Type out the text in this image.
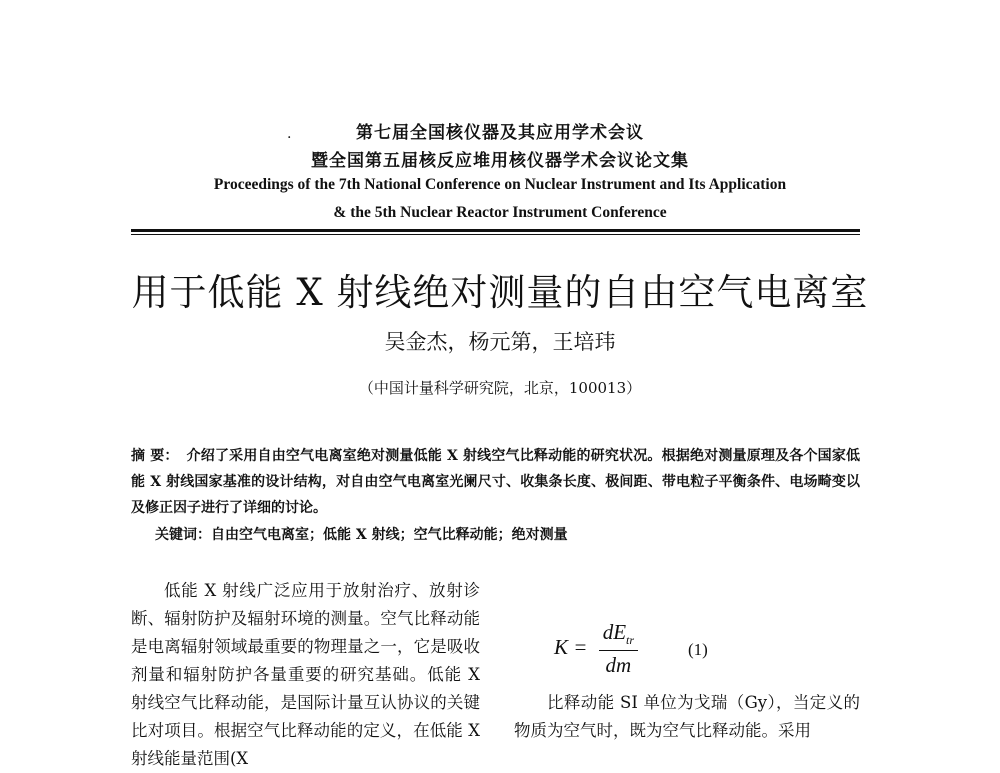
.	第七届全国核仪器及其应用学术会议
暨全国第五届核反应堆用核仪器学术会议论文集
Proceedings of the 7th National Conference on Nuclear Instrument and Its Application
& the 5th Nuclear Reactor Instrument Conference
用于低能 X 射线绝对测量的自由空气电离室
吴金杰，杨元第，王培玮
（中国计量科学研究院，北京，100013）
摘 要： 介绍了采用自由空气电离室绝对测量低能 X 射线空气比释动能的研究状况。根据绝对测量原理及各个国家低能 X 射线国家基准的设计结构，对自由空气电离室光阑尺寸、收集条长度、极间距、带电粒子平衡条件、电场畸变以及修正因子进行了详细的讨论。
关键词：自由空气电离室；低能 X 射线；空气比释动能；绝对测量

低能 X 射线广泛应用于放射治疗、放射诊断、辐射防护及辐射环境的测量。空气比释动能是电离辐射领域最重要的物理量之一，它是吸收剂量和辐射防护各量重要的研究基础。低能 X 射线空气比释动能，是国际计量互认协议的关键比对项目。根据空气比释动能的定义，在低能 X 射线能量范围(X

$K = \frac{dE_{tr}}{dm}$	(1)

比释动能 SI 单位为戈瑞（Gy），当定义的物质为空气时，既为空气比释动能。采用
